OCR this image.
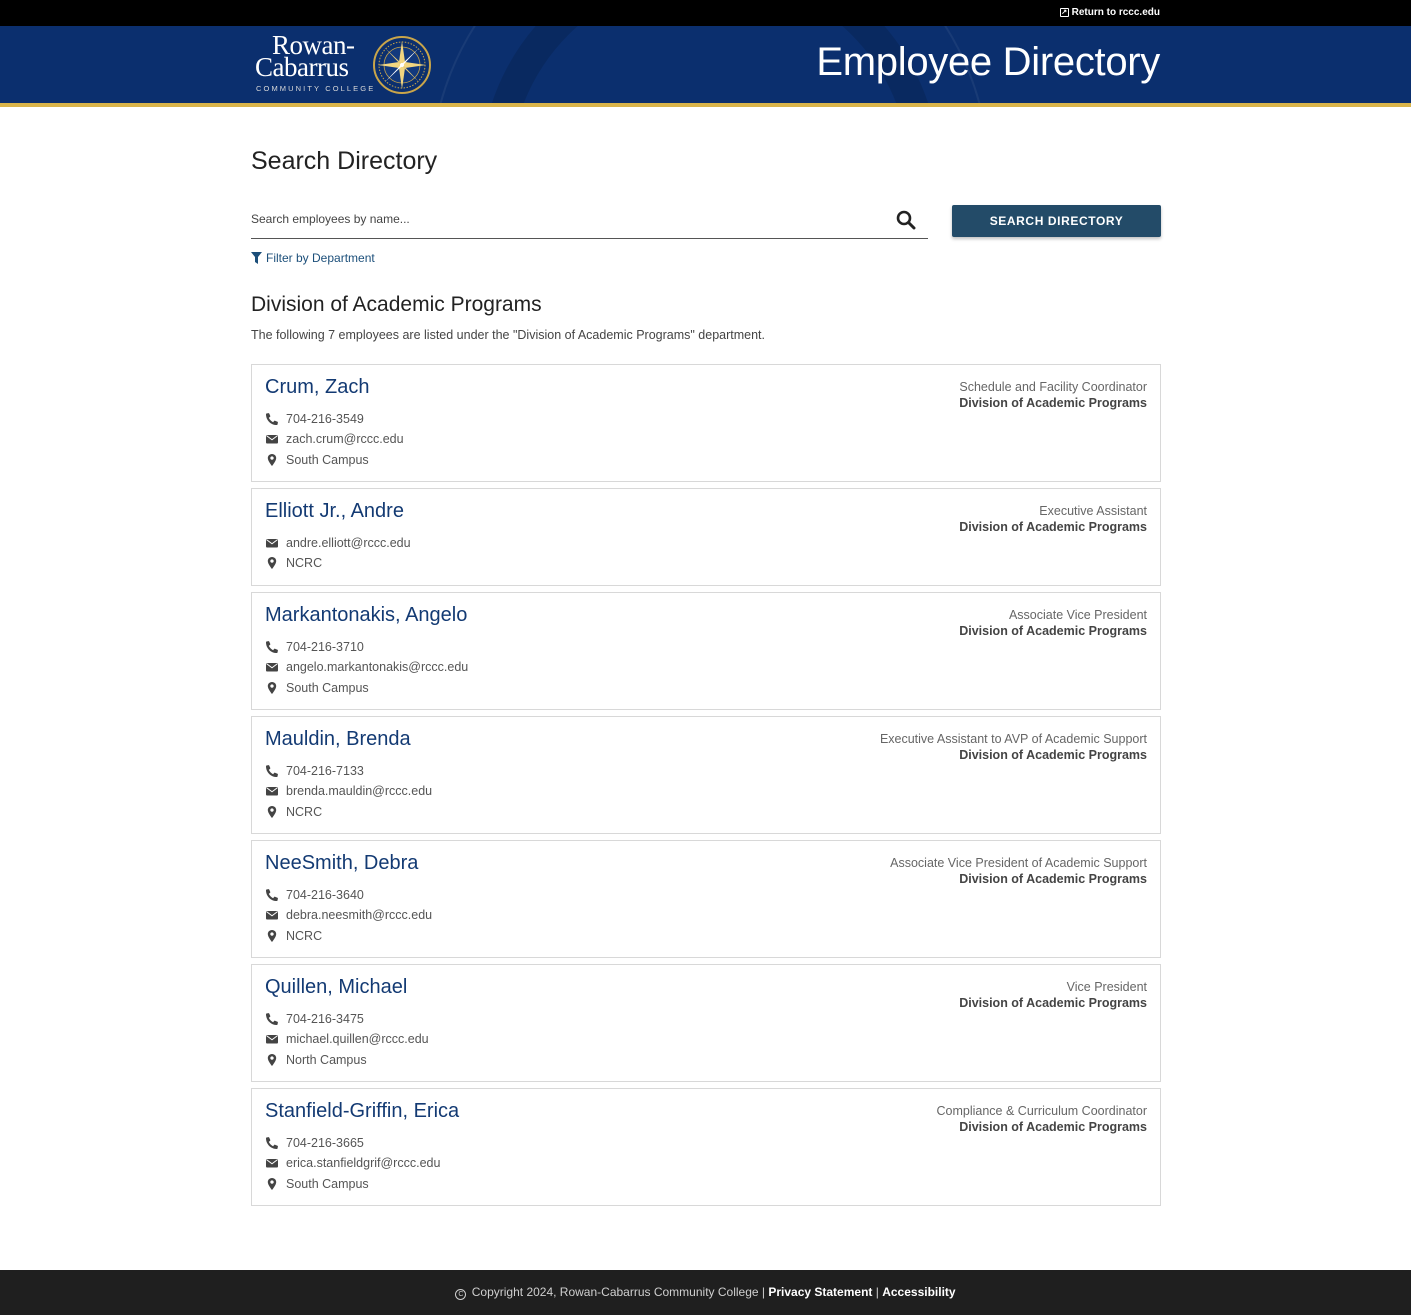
↗ Return to rccc.edu
Rowan-
Cabarrus
COMMUNITY COLLEGE
Employee Directory
Search Directory
Search employees by name...
SEARCH DIRECTORY
Filter by Department
Division of Academic Programs

The following 7 employees are listed under the "Division of Academic Programs" department.

Crum, Zach
704-216-3549
zach.crum@rccc.edu
South Campus
Schedule and Facility Coordinator
Division of Academic Programs
Elliott Jr., Andre
andre.elliott@rccc.edu
NCRC
Executive Assistant
Division of Academic Programs
Markantonakis, Angelo
704-216-3710
angelo.markantonakis@rccc.edu
South Campus
Associate Vice President
Division of Academic Programs
Mauldin, Brenda
704-216-7133
brenda.mauldin@rccc.edu
NCRC
Executive Assistant to AVP of Academic Support
Division of Academic Programs
NeeSmith, Debra
704-216-3640
debra.neesmith@rccc.edu
NCRC
Associate Vice President of Academic Support
Division of Academic Programs
Quillen, Michael
704-216-3475
michael.quillen@rccc.edu
North Campus
Vice President
Division of Academic Programs
Stanfield-Griffin, Erica
704-216-3665
erica.stanfieldgrif@rccc.edu
South Campus
Compliance & Curriculum Coordinator
Division of Academic Programs
C Copyright 2024, Rowan-Cabarrus Community College | Privacy Statement | Accessibility
